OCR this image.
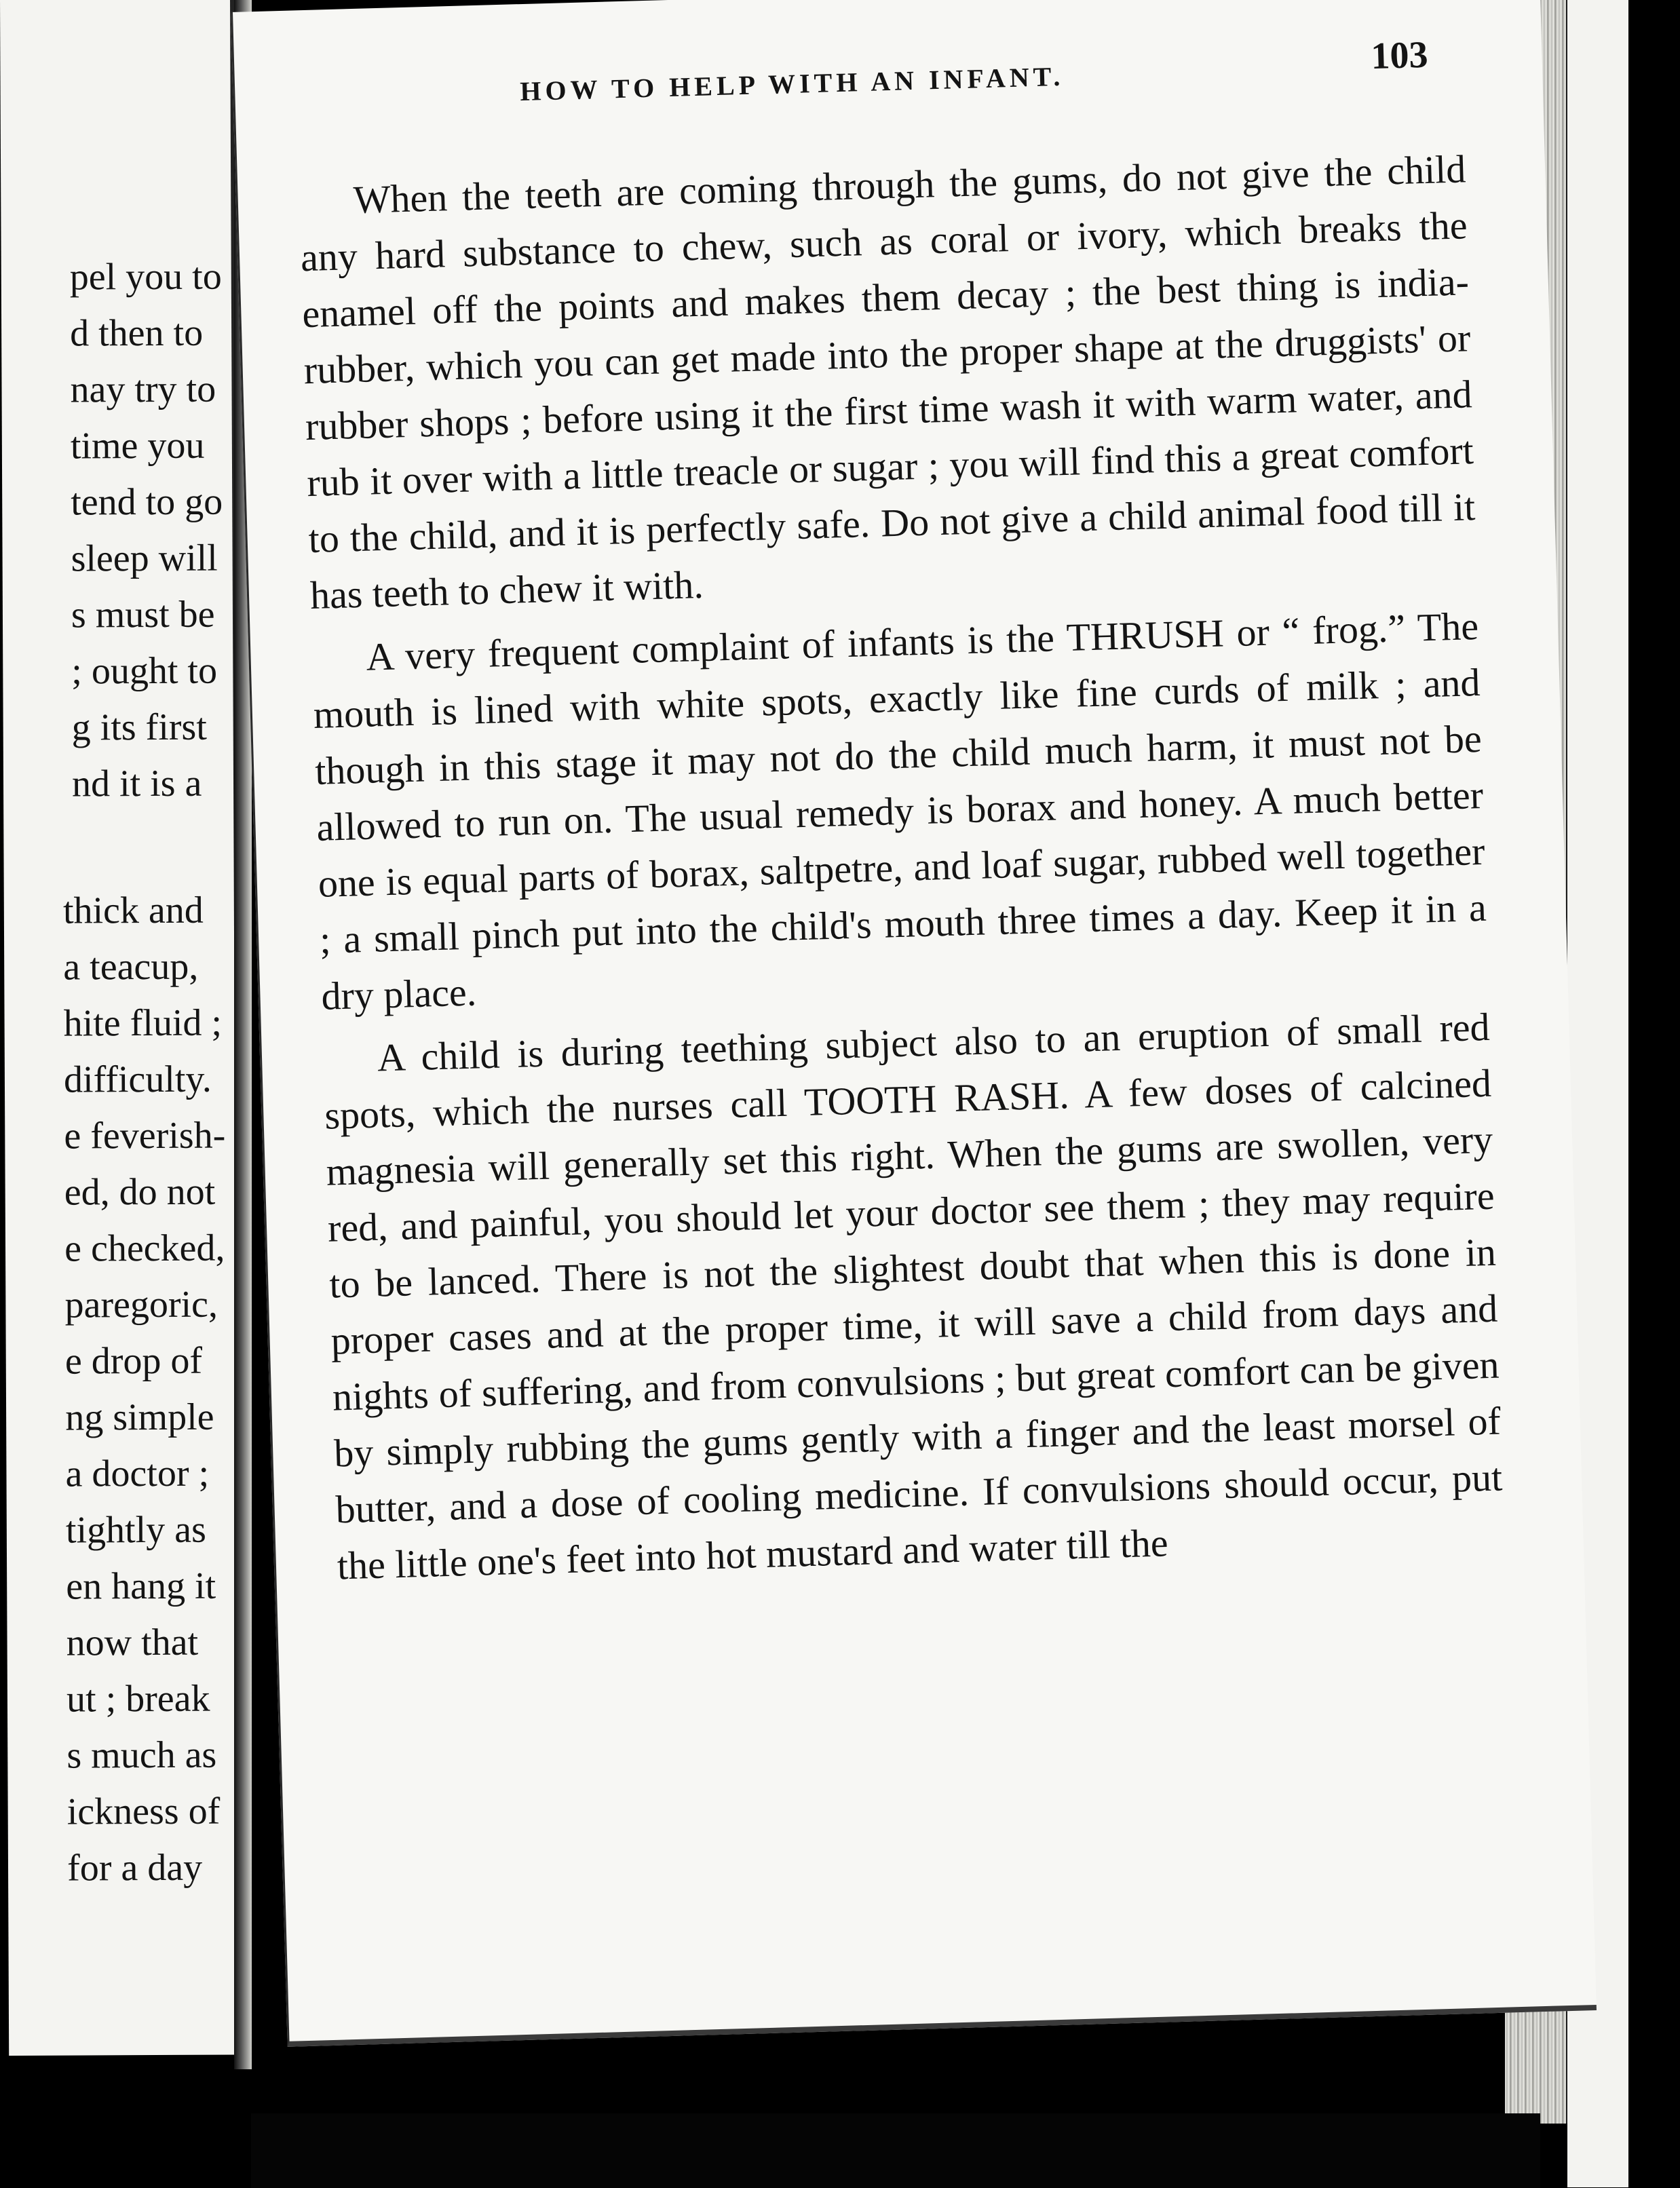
pel you to
d then to
nay try to
time you
tend to go
sleep will
s must be
; ought to
g its first
nd it is a
thick and
a teacup,
hite fluid ;
difficulty.
e feverish-
ed, do not
e checked,
paregoric,
e drop of
ng simple
a doctor ;
tightly as
en hang it
now that
ut ; break
s much as
ickness of
for a day
HOW TO HELP WITH AN INFANT.
103

When the teeth are coming through the gums, do not give the child any hard substance to chew, such as coral or ivory, which breaks the enamel off the points and makes them decay ; the best thing is india-rubber, which you can get made into the proper shape at the druggists' or rubber shops ; before using it the first time wash it with warm water, and rub it over with a little treacle or sugar ; you will find this a great comfort to the child, and it is perfectly safe. Do not give a child animal food till it has teeth to chew it with.

A very frequent complaint of infants is the THRUSH or “ frog.” The mouth is lined with white spots, exactly like fine curds of milk ; and though in this stage it may not do the child much harm, it must not be allowed to run on. The usual remedy is borax and honey. A much better one is equal parts of borax, saltpetre, and loaf sugar, rubbed well together ; a small pinch put into the child's mouth three times a day. Keep it in a dry place.

A child is during teething subject also to an eruption of small red spots, which the nurses call TOOTH RASH. A few doses of calcined magnesia will generally set this right. When the gums are swollen, very red, and painful, you should let your doctor see them ; they may require to be lanced. There is not the slightest doubt that when this is done in proper cases and at the proper time, it will save a child from days and nights of suffering, and from convulsions ; but great comfort can be given by simply rubbing the gums gently with a finger and the least morsel of butter, and a dose of cooling medicine. If convulsions should occur, put the little one's feet into hot mustard and water till the
